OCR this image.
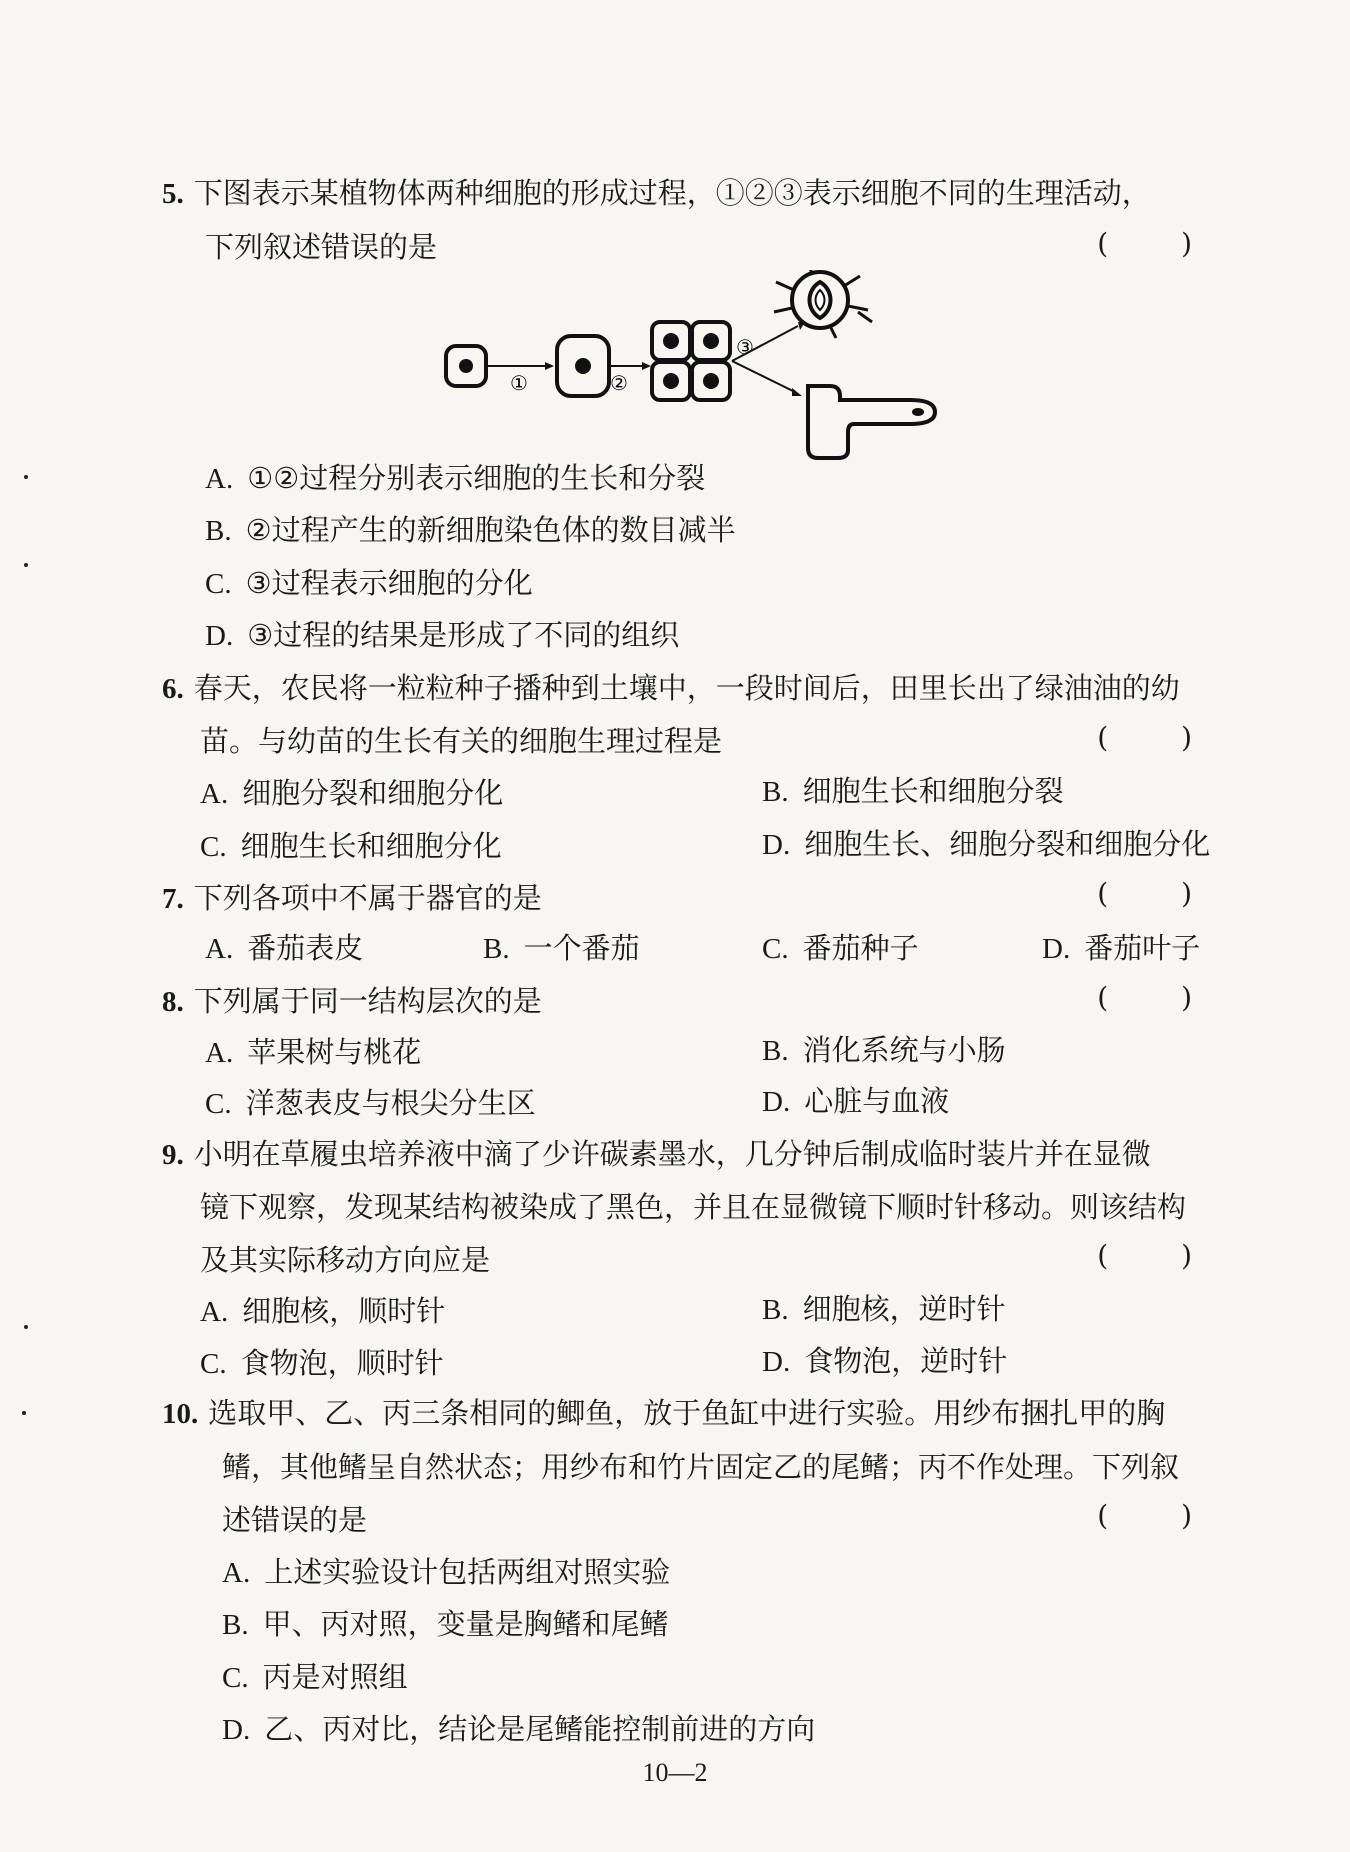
5. 下图表示某植物体两种细胞的形成过程，①②③表示细胞不同的生理活动，
下列叙述错误的是	( )
①	②
③
A. ①②过程分别表示细胞的生长和分裂
B. ②过程产生的新细胞染色体的数目减半
C. ③过程表示细胞的分化
D. ③过程的结果是形成了不同的组织
6. 春天，农民将一粒粒种子播种到土壤中，一段时间后，田里长出了绿油油的幼
苗。与幼苗的生长有关的细胞生理过程是	( )
A. 细胞分裂和细胞分化	B. 细胞生长和细胞分裂
C. 细胞生长和细胞分化	D. 细胞生长、细胞分裂和细胞分化
7. 下列各项中不属于器官的是	( )
A. 番茄表皮	B. 一个番茄	C. 番茄种子	D. 番茄叶子
8. 下列属于同一结构层次的是	( )
A. 苹果树与桃花	B. 消化系统与小肠
C. 洋葱表皮与根尖分生区	D. 心脏与血液
9. 小明在草履虫培养液中滴了少许碳素墨水，几分钟后制成临时装片并在显微
镜下观察，发现某结构被染成了黑色，并且在显微镜下顺时针移动。则该结构
及其实际移动方向应是	( )
A. 细胞核，顺时针	B. 细胞核，逆时针
C. 食物泡，顺时针	D. 食物泡，逆时针
10. 选取甲、乙、丙三条相同的鲫鱼，放于鱼缸中进行实验。用纱布捆扎甲的胸
鳍，其他鳍呈自然状态；用纱布和竹片固定乙的尾鳍；丙不作处理。下列叙
述错误的是	( )
A. 上述实验设计包括两组对照实验
B. 甲、丙对照，变量是胸鳍和尾鳍
C. 丙是对照组
D. 乙、丙对比，结论是尾鳍能控制前进的方向
10—2
